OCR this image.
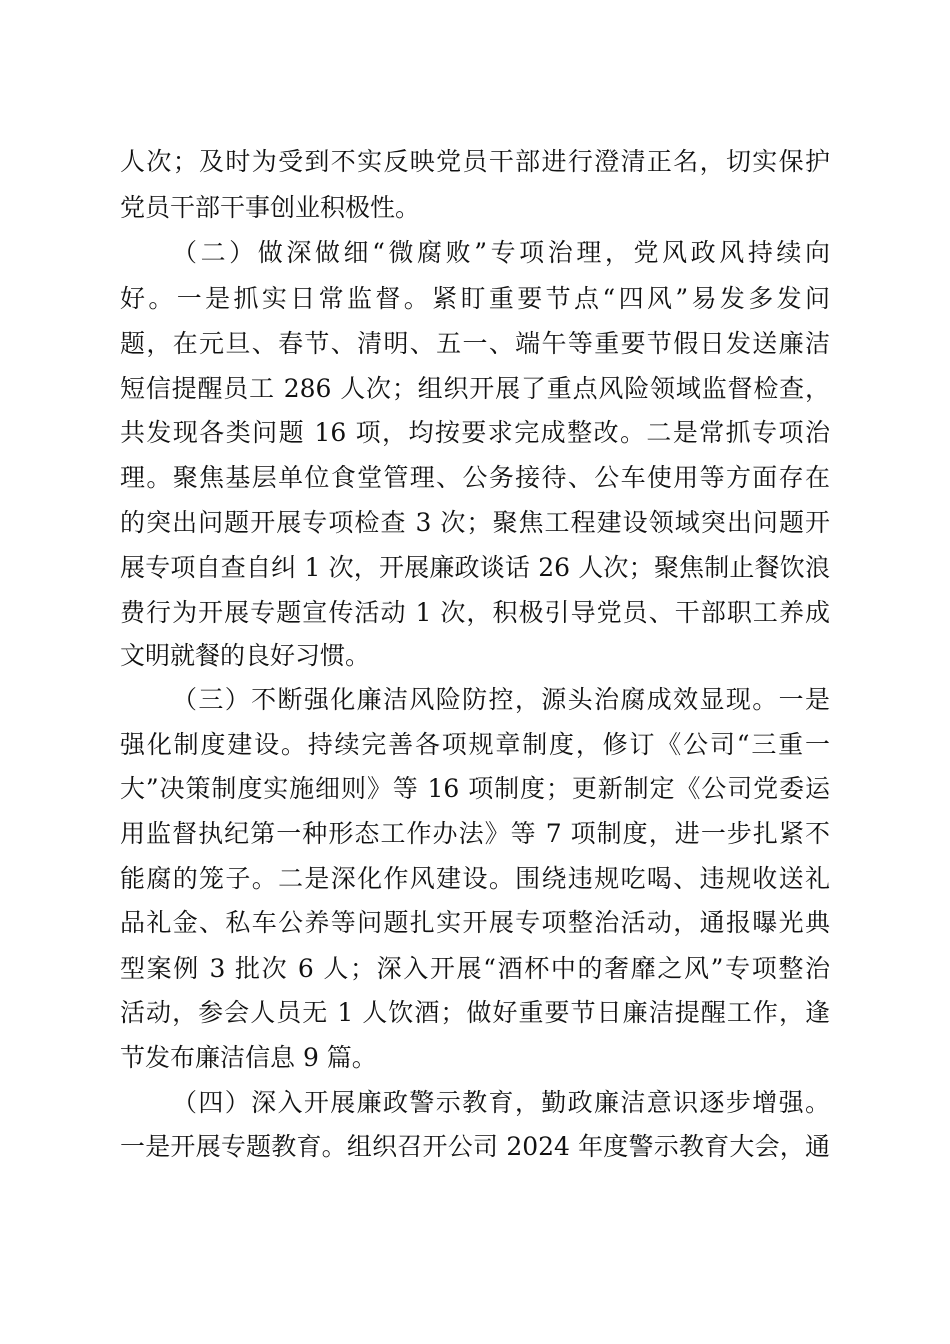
人次；及时为受到不实反映党员干部进行澄清正名，切实保护
党员干部干事创业积极性。
（二）做深做细“微腐败”专项治理，党风政风持续向
好。一是抓实日常监督。紧盯重要节点“四风”易发多发问
题，在元旦、春节、清明、五一、端午等重要节假日发送廉洁
短信提醒员工 286 人次；组织开展了重点风险领域监督检查，
共发现各类问题 16 项，均按要求完成整改。二是常抓专项治
理。聚焦基层单位食堂管理、公务接待、公车使用等方面存在
的突出问题开展专项检查 3 次；聚焦工程建设领域突出问题开
展专项自查自纠 1 次，开展廉政谈话 26 人次；聚焦制止餐饮浪
费行为开展专题宣传活动 1 次，积极引导党员、干部职工养成
文明就餐的良好习惯。
（三）不断强化廉洁风险防控，源头治腐成效显现。一是
强化制度建设。持续完善各项规章制度，修订《公司“三重一
大”决策制度实施细则》等 16 项制度；更新制定《公司党委运
用监督执纪第一种形态工作办法》等 7 项制度，进一步扎紧不
能腐的笼子。二是深化作风建设。围绕违规吃喝、违规收送礼
品礼金、私车公养等问题扎实开展专项整治活动，通报曝光典
型案例 3 批次 6 人；深入开展“酒杯中的奢靡之风”专项整治
活动，参会人员无 1 人饮酒；做好重要节日廉洁提醒工作，逢
节发布廉洁信息 9 篇。
（四）深入开展廉政警示教育，勤政廉洁意识逐步增强。
一是开展专题教育。组织召开公司 2024 年度警示教育大会，通
